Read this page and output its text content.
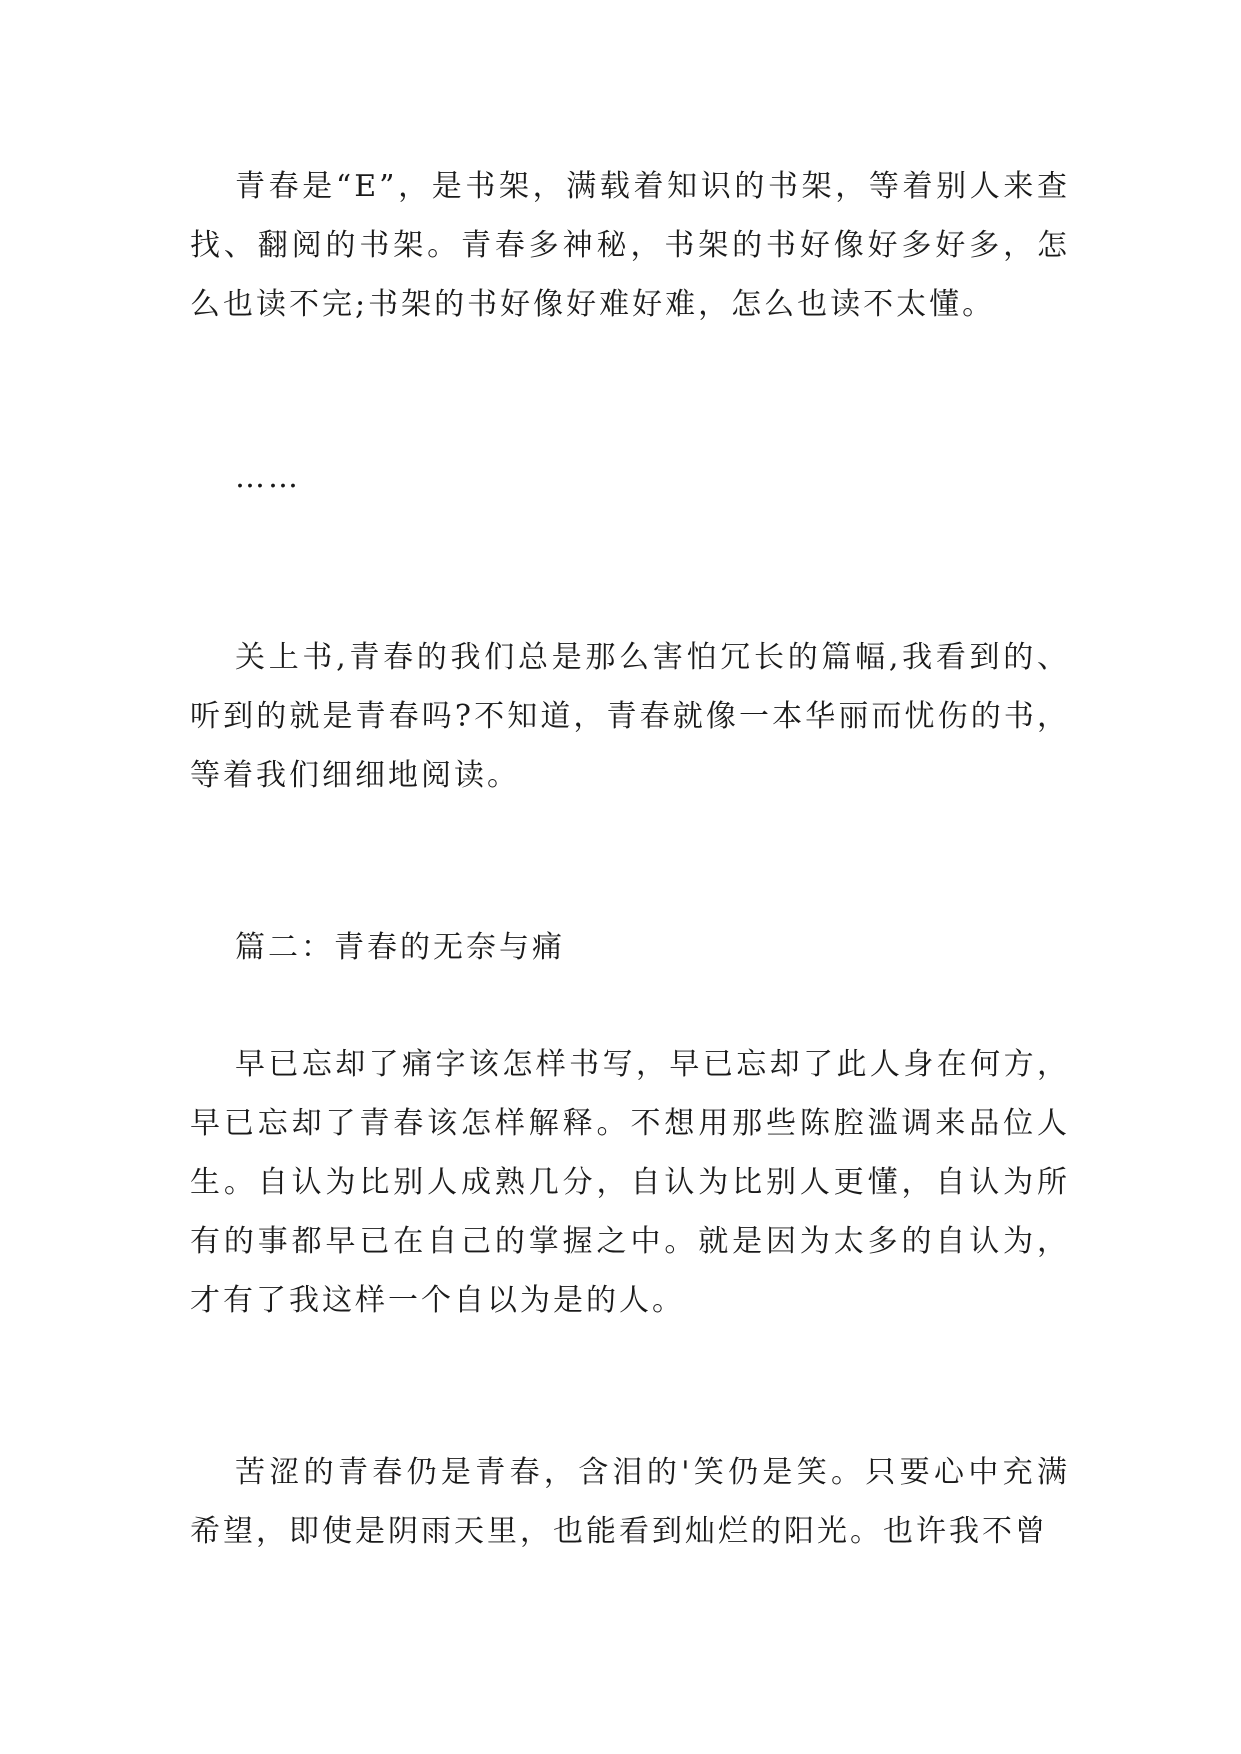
青春是“E”，是书架，满载着知识的书架，等着别人来查找、翻阅的书架。青春多神秘，书架的书好像好多好多，怎么也读不完;书架的书好像好难好难，怎么也读不太懂。

……

关上书,青春的我们总是那么害怕冗长的篇幅,我看到的、听到的就是青春吗?不知道，青春就像一本华丽而忧伤的书，等着我们细细地阅读。

篇二：青春的无奈与痛

早已忘却了痛字该怎样书写，早已忘却了此人身在何方，早已忘却了青春该怎样解释。不想用那些陈腔滥调来品位人生。自认为比别人成熟几分，自认为比别人更懂，自认为所有的事都早已在自己的掌握之中。就是因为太多的自认为，才有了我这样一个自以为是的人。

苦涩的青春仍是青春，含泪的'笑仍是笑。只要心中充满希望，即使是阴雨天里，也能看到灿烂的阳光。也许我不曾
